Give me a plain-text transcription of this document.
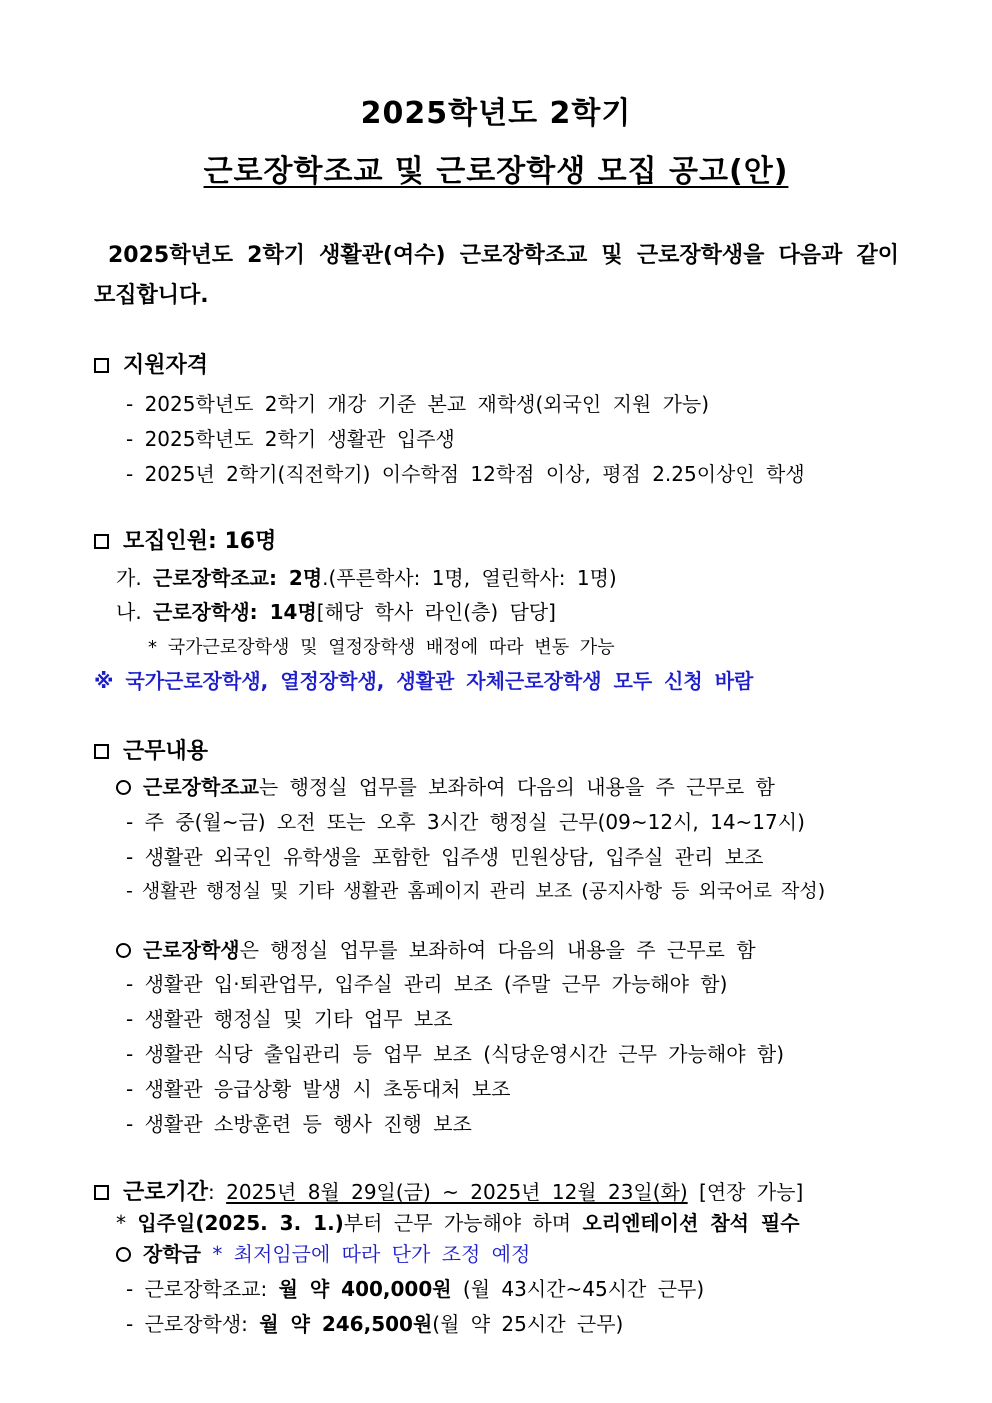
2025학년도 2학기
근로장학조교 및 근로장학생 모집 공고(안)
2025학년도 2학기 생활관(여수) 근로장학조교 및 근로장학생을 다음과 같이 모집합니다.
지원자격
- 2025학년도 2학기 개강 기준 본교 재학생(외국인 지원 가능)
- 2025학년도 2학기 생활관 입주생
- 2025년 2학기(직전학기) 이수학점 12학점 이상, 평점 2.25이상인 학생
모집인원: 16명
가. 근로장학조교: 2명.(푸른학사: 1명, 열린학사: 1명)
나. 근로장학생: 14명[해당 학사 라인(층) 담당]
* 국가근로장학생 및 열정장학생 배정에 따라 변동 가능
※ 국가근로장학생, 열정장학생, 생활관 자체근로장학생 모두 신청 바람
근무내용
근로장학조교는 행정실 업무를 보좌하여 다음의 내용을 주 근무로 함
- 주 중(월~금) 오전 또는 오후 3시간 행정실 근무(09~12시, 14~17시)
- 생활관 외국인 유학생을 포함한 입주생 민원상담, 입주실 관리 보조
- 생활관 행정실 및 기타 생활관 홈페이지 관리 보조 (공지사항 등 외국어로 작성)
근로장학생은 행정실 업무를 보좌하여 다음의 내용을 주 근무로 함
- 생활관 입·퇴관업무, 입주실 관리 보조 (주말 근무 가능해야 함)
- 생활관 행정실 및 기타 업무 보조
- 생활관 식당 출입관리 등 업무 보조 (식당운영시간 근무 가능해야 함)
- 생활관 응급상황 발생 시 초동대처 보조
- 생활관 소방훈련 등 행사 진행 보조
근로기간: 2025년 8월 29일(금) ~ 2025년 12월 23일(화) [연장 가능]
* 입주일(2025. 3. 1.)부터 근무 가능해야 하며 오리엔테이션 참석 필수
장학금 * 최저임금에 따라 단가 조정 예정
- 근로장학조교: 월 약 400,000원 (월 43시간~45시간 근무)
- 근로장학생: 월 약 246,500원(월 약 25시간 근무)
